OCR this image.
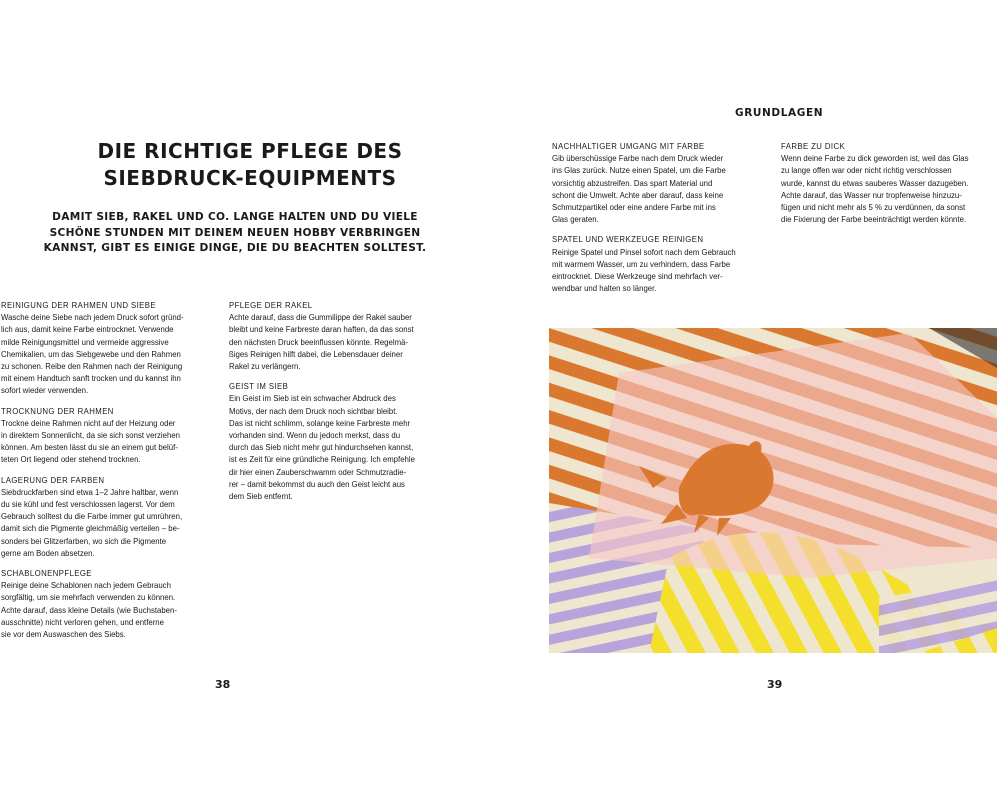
DIE RICHTIGE PFLEGE DES
SIEBDRUCK-EQUIPMENTS

DAMIT SIEB, RAKEL UND CO. LANGE HALTEN UND DU VIELE
SCHÖNE STUNDEN MIT DEINEM NEUEN HOBBY VERBRINGEN
KANNST, GIBT ES EINIGE DINGE, DIE DU BEACHTEN SOLLTEST.

REINIGUNG DER RAHMEN UND SIEBE

Wasche deine Siebe nach jedem Druck sofort gründ-
lich aus, damit keine Farbe eintrocknet. Verwende
milde Reinigungsmittel und vermeide aggressive
Chemikalien, um das Siebgewebe und den Rahmen
zu schonen. Reibe den Rahmen nach der Reinigung
mit einem Handtuch sanft trocken und du kannst ihn
sofort wieder verwenden.

TROCKNUNG DER RAHMEN

Trockne deine Rahmen nicht auf der Heizung oder
in direktem Sonnenlicht, da sie sich sonst verziehen
können. Am besten lässt du sie an einem gut belüf-
teten Ort liegend oder stehend trocknen.

LAGERUNG DER FARBEN

Siebdruckfarben sind etwa 1–2 Jahre haltbar, wenn
du sie kühl und fest verschlossen lagerst. Vor dem
Gebrauch solltest du die Farbe immer gut umrühren,
damit sich die Pigmente gleichmäßig verteilen – be-
sonders bei Glitzerfarben, wo sich die Pigmente
gerne am Boden absetzen.

SCHABLONENPFLEGE

Reinige deine Schablonen nach jedem Gebrauch
sorgfältig, um sie mehrfach verwenden zu können.
Achte darauf, dass kleine Details (wie Buchstaben-
ausschnitte) nicht verloren gehen, und entferne
sie vor dem Auswaschen des Siebs.

PFLEGE DER RAKEL

Achte darauf, dass die Gummilippe der Rakel sauber
bleibt und keine Farbreste daran haften, da das sonst
den nächsten Druck beeinflussen könnte. Regelmä-
ßiges Reinigen hilft dabei, die Lebensdauer deiner
Rakel zu verlängern.

GEIST IM SIEB

Ein Geist im Sieb ist ein schwacher Abdruck des
Motivs, der nach dem Druck noch sichtbar bleibt.
Das ist nicht schlimm, solange keine Farbreste mehr
vorhanden sind. Wenn du jedoch merkst, dass du
durch das Sieb nicht mehr gut hindurchsehen kannst,
ist es Zeit für eine gründliche Reinigung. Ich empfehle
dir hier einen Zauberschwamm oder Schmutzradie-
rer – damit bekommst du auch den Geist leicht aus
dem Sieb entfernt.

38
GRUNDLAGEN
NACHHALTIGER UMGANG MIT FARBE

Gib überschüssige Farbe nach dem Druck wieder
ins Glas zurück. Nutze einen Spatel, um die Farbe
vorsichtig abzustreifen. Das spart Material und
schont die Umwelt. Achte aber darauf, dass keine
Schmutzpartikel oder eine andere Farbe mit ins
Glas geraten.

SPATEL UND WERKZEUGE REINIGEN

Reinige Spatel und Pinsel sofort nach dem Gebrauch
mit warmem Wasser, um zu verhindern, dass Farbe
eintrocknet. Diese Werkzeuge sind mehrfach ver-
wendbar und halten so länger.

FARBE ZU DICK

Wenn deine Farbe zu dick geworden ist, weil das Glas
zu lange offen war oder nicht richtig verschlossen
wurde, kannst du etwas sauberes Wasser dazugeben.
Achte darauf, das Wasser nur tropfenweise hinzuzu-
fügen und nicht mehr als 5 % zu verdünnen, da sonst
die Fixierung der Farbe beeinträchtigt werden könnte.

39
